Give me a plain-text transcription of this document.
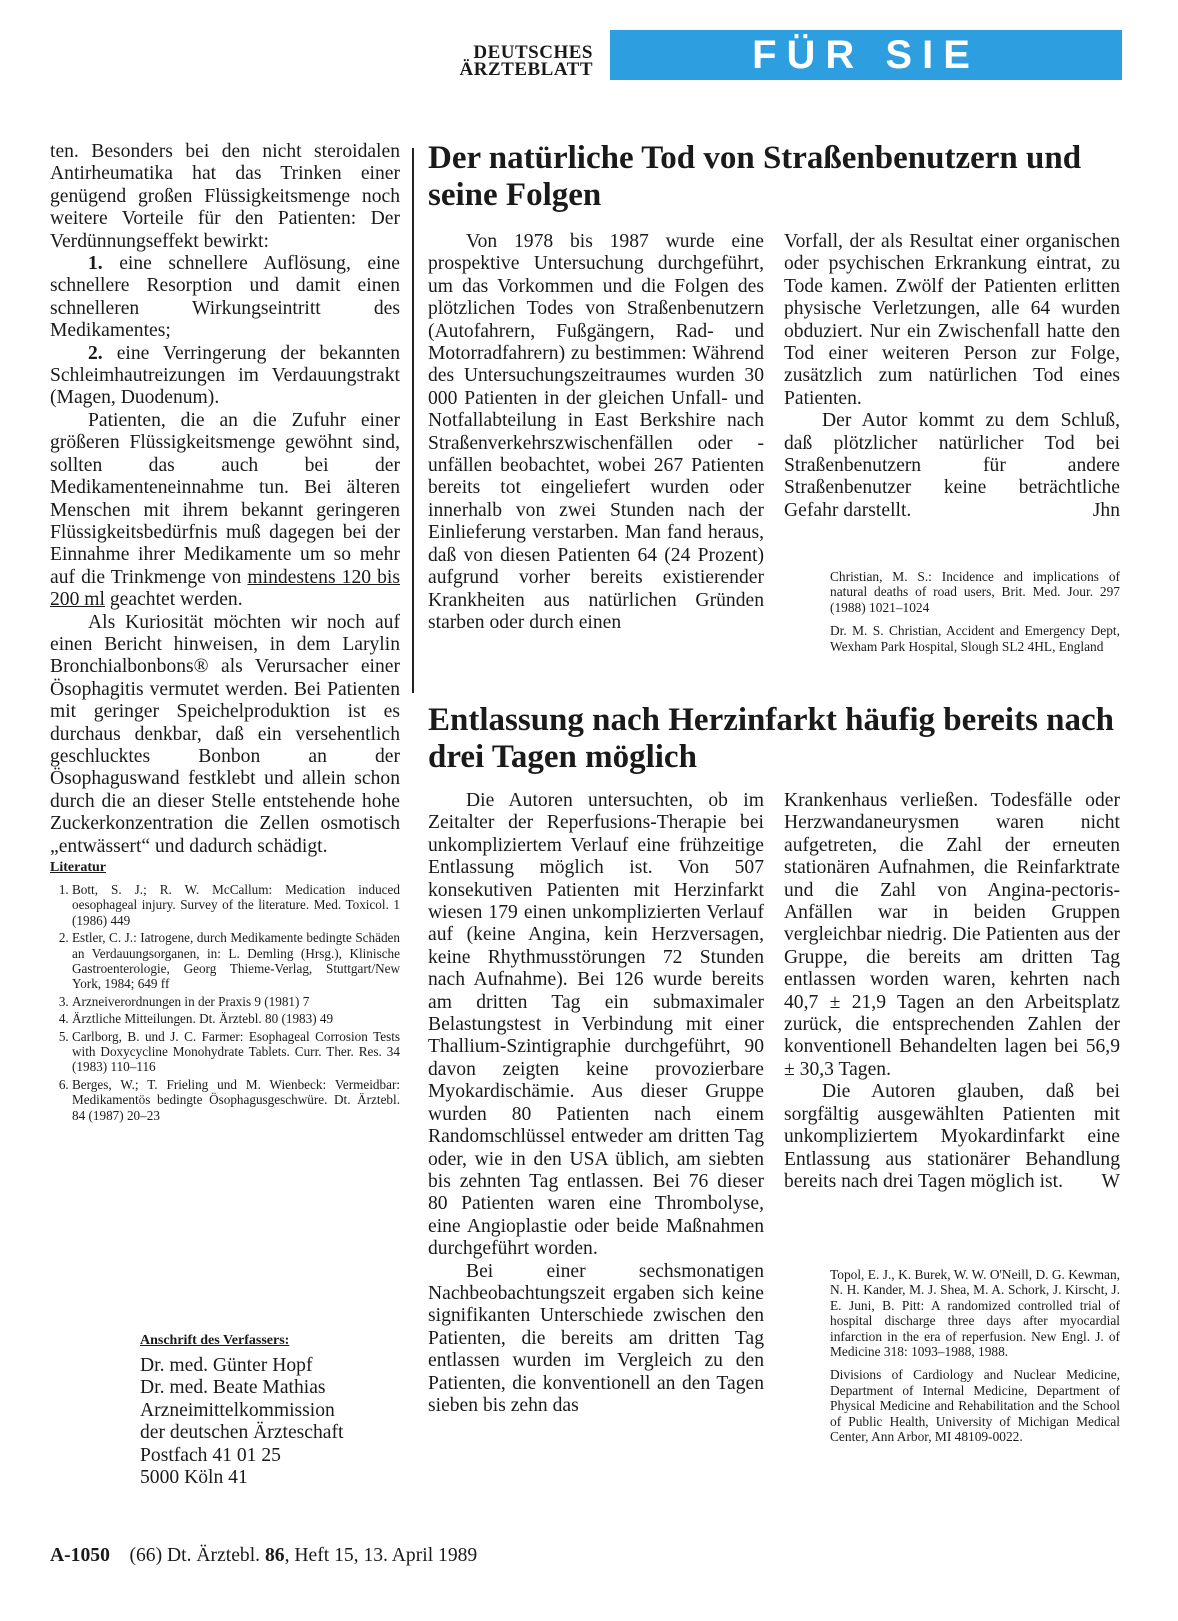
DEUTSCHES
ÄRZTEBLATT	FÜR SIE REFERIERT

ten. Besonders bei den nicht steroidalen Antirheumatika hat das Trinken einer genügend großen Flüssigkeitsmenge noch weitere Vorteile für den Patienten: Der Verdünnungseffekt bewirkt:

1. eine schnellere Auflösung, eine schnellere Resorption und damit einen schnelleren Wirkungseintritt des Medikamentes;

2. eine Verringerung der bekannten Schleimhautreizungen im Verdauungstrakt (Magen, Duodenum).

Patienten, die an die Zufuhr einer größeren Flüssigkeitsmenge gewöhnt sind, sollten das auch bei der Medikamenteneinnahme tun. Bei älteren Menschen mit ihrem bekannt geringeren Flüssigkeitsbedürfnis muß dagegen bei der Einnahme ihrer Medikamente um so mehr auf die Trinkmenge von mindestens 120 bis 200 ml geachtet werden.

Als Kuriosität möchten wir noch auf einen Bericht hinweisen, in dem Larylin Bronchialbonbons® als Verursacher einer Ösophagitis vermutet werden. Bei Patienten mit geringer Speichelproduktion ist es durchaus denkbar, daß ein versehentlich geschlucktes Bonbon an der Ösophaguswand festklebt und allein schon durch die an dieser Stelle entstehende hohe Zuckerkonzentration die Zellen osmotisch „entwässert“ und dadurch schädigt.

Literatur
1. Bott, S. J.; R. W. McCallum: Medication induced oesophageal injury. Survey of the literature. Med. Toxicol. 1 (1986) 449
2. Estler, C. J.: Iatrogene, durch Medikamente bedingte Schäden an Verdauungsorganen, in: L. Demling (Hrsg.), Klinische Gastroenterologie, Georg Thieme-Verlag, Stuttgart/New York, 1984; 649 ff
3. Arzneiverordnungen in der Praxis 9 (1981) 7
4. Ärztliche Mitteilungen. Dt. Ärztebl. 80 (1983) 49
5. Carlborg, B. und J. C. Farmer: Esophageal Corrosion Tests with Doxycycline Monohydrate Tablets. Curr. Ther. Res. 34 (1983) 110–116
6. Berges, W.; T. Frieling und M. Wienbeck: Vermeidbar: Medikamentös bedingte Ösophagusgeschwüre. Dt. Ärztebl. 84 (1987) 20–23
Anschrift des Verfassers:
Dr. med. Günter Hopf
Dr. med. Beate Mathias
Arzneimittelkommission
der deutschen Ärzteschaft
Postfach 41 01 25
5000 Köln 41
Der natürliche Tod von Straßenbenutzern und seine Folgen

Von 1978 bis 1987 wurde eine prospektive Untersuchung durchgeführt, um das Vorkommen und die Folgen des plötzlichen Todes von Straßenbenutzern (Autofahrern, Fußgängern, Rad- und Motorradfahrern) zu bestimmen: Während des Untersuchungszeitraumes wurden 30 000 Patienten in der gleichen Unfall- und Notfallabteilung in East Berkshire nach Straßenverkehrszwischenfällen oder -unfällen beobachtet, wobei 267 Patienten bereits tot eingeliefert wurden oder innerhalb von zwei Stunden nach der Einlieferung verstarben. Man fand heraus, daß von diesen Patienten 64 (24 Prozent) aufgrund vorher bereits existierender Krankheiten aus natürlichen Gründen starben oder durch einen

Vorfall, der als Resultat einer organischen oder psychischen Erkrankung eintrat, zu Tode kamen. Zwölf der Patienten erlitten physische Verletzungen, alle 64 wurden obduziert. Nur ein Zwischenfall hatte den Tod einer weiteren Person zur Folge, zusätzlich zum natürlichen Tod eines Patienten.

Der Autor kommt zu dem Schluß, daß plötzlicher natürlicher Tod bei Straßenbenutzern für andere Straßenbenutzer keine beträchtliche Gefahr darstellt.	Jhn

Christian, M. S.: Incidence and implications of natural deaths of road users, Brit. Med. Jour. 297 (1988) 1021–1024

Dr. M. S. Christian, Accident and Emergency Dept, Wexham Park Hospital, Slough SL2 4HL, England

Entlassung nach Herzinfarkt häufig bereits nach drei Tagen möglich

Die Autoren untersuchten, ob im Zeitalter der Reperfusions-Therapie bei unkompliziertem Verlauf eine frühzeitige Entlassung möglich ist. Von 507 konsekutiven Patienten mit Herzinfarkt wiesen 179 einen unkomplizierten Verlauf auf (keine Angina, kein Herzversagen, keine Rhythmusstörungen 72 Stunden nach Aufnahme). Bei 126 wurde bereits am dritten Tag ein submaximaler Belastungstest in Verbindung mit einer Thallium-Szintigraphie durchgeführt, 90 davon zeigten keine provozierbare Myokardischämie. Aus dieser Gruppe wurden 80 Patienten nach einem Randomschlüssel entweder am dritten Tag oder, wie in den USA üblich, am siebten bis zehnten Tag entlassen. Bei 76 dieser 80 Patienten waren eine Thrombolyse, eine Angioplastie oder beide Maßnahmen durchgeführt worden.

Bei einer sechsmonatigen Nachbeobachtungszeit ergaben sich keine signifikanten Unterschiede zwischen den Patienten, die bereits am dritten Tag entlassen wurden im Vergleich zu den Patienten, die konventionell an den Tagen sieben bis zehn das

Krankenhaus verließen. Todesfälle oder Herzwandaneurysmen waren nicht aufgetreten, die Zahl der erneuten stationären Aufnahmen, die Reinfarktrate und die Zahl von Angina-pectoris-Anfällen war in beiden Gruppen vergleichbar niedrig. Die Patienten aus der Gruppe, die bereits am dritten Tag entlassen worden waren, kehrten nach 40,7 ± 21,9 Tagen an den Arbeitsplatz zurück, die entsprechenden Zahlen der konventionell Behandelten lagen bei 56,9 ± 30,3 Tagen.

Die Autoren glauben, daß bei sorgfältig ausgewählten Patienten mit unkompliziertem Myokardinfarkt eine Entlassung aus stationärer Behandlung bereits nach drei Tagen möglich ist.	W

Topol, E. J., K. Burek, W. W. O'Neill, D. G. Kewman, N. H. Kander, M. J. Shea, M. A. Schork, J. Kirscht, J. E. Juni, B. Pitt: A randomized controlled trial of hospital discharge three days after myocardial infarction in the era of reperfusion. New Engl. J. of Medicine 318: 1093–1988, 1988.

Divisions of Cardiology and Nuclear Medicine, Department of Internal Medicine, Department of Physical Medicine and Rehabilitation and the School of Public Health, University of Michigan Medical Center, Ann Arbor, MI 48109-0022.

A-1050 (66) Dt. Ärztebl. 86, Heft 15, 13. April 1989
